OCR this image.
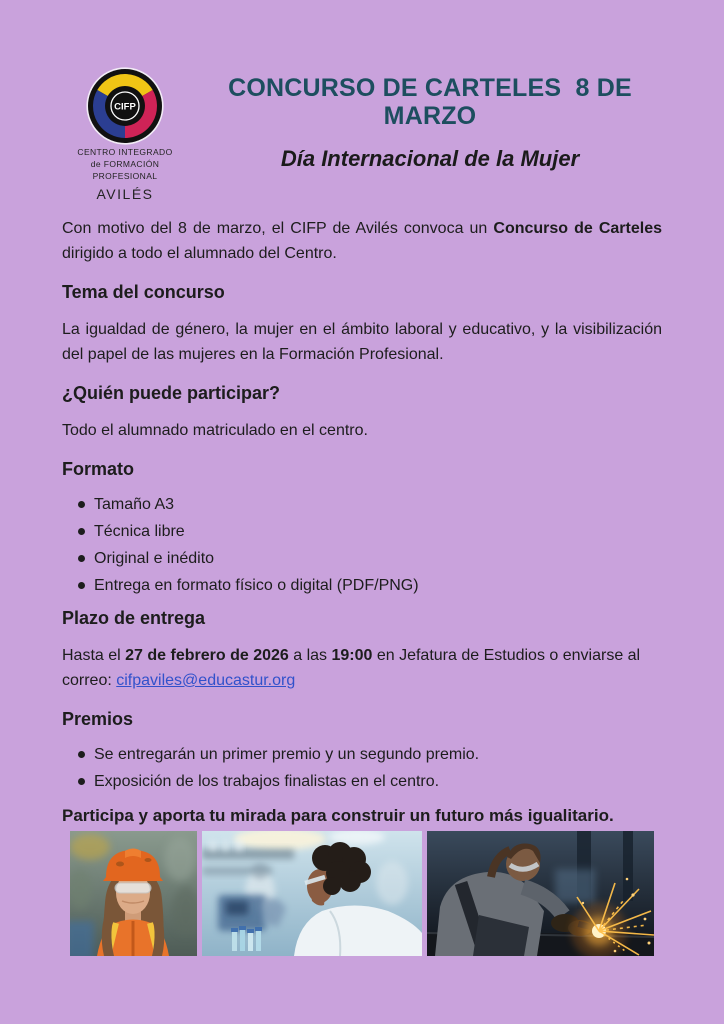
CIFP
CENTRO INTEGRADO
de FORMACIÓN PROFESIONAL
AVILÉS
CONCURSO DE CARTELES  8 DE MARZO
Día Internacional de la Mujer

Con motivo del 8 de marzo, el CIFP de Avilés convoca un Concurso de Carteles dirigido a todo el alumnado del Centro.

Tema del concurso

La igualdad de género, la mujer en el ámbito laboral y educativo, y la visibilización del papel de las mujeres en la Formación Profesional.

¿Quién puede participar?

Todo el alumnado matriculado en el centro.

Formato
Tamaño A3
Técnica libre
Original e inédito
Entrega en formato físico o digital (PDF/PNG)
Plazo de entrega

Hasta el 27 de febrero de 2026 a las 19:00 en Jefatura de Estudios o enviarse al correo: cifpaviles@educastur.org

Premios
Se entregarán un primer premio y un segundo premio.
Exposición de los trabajos finalistas en el centro.

Participa y aporta tu mirada para construir un futuro más igualitario.
